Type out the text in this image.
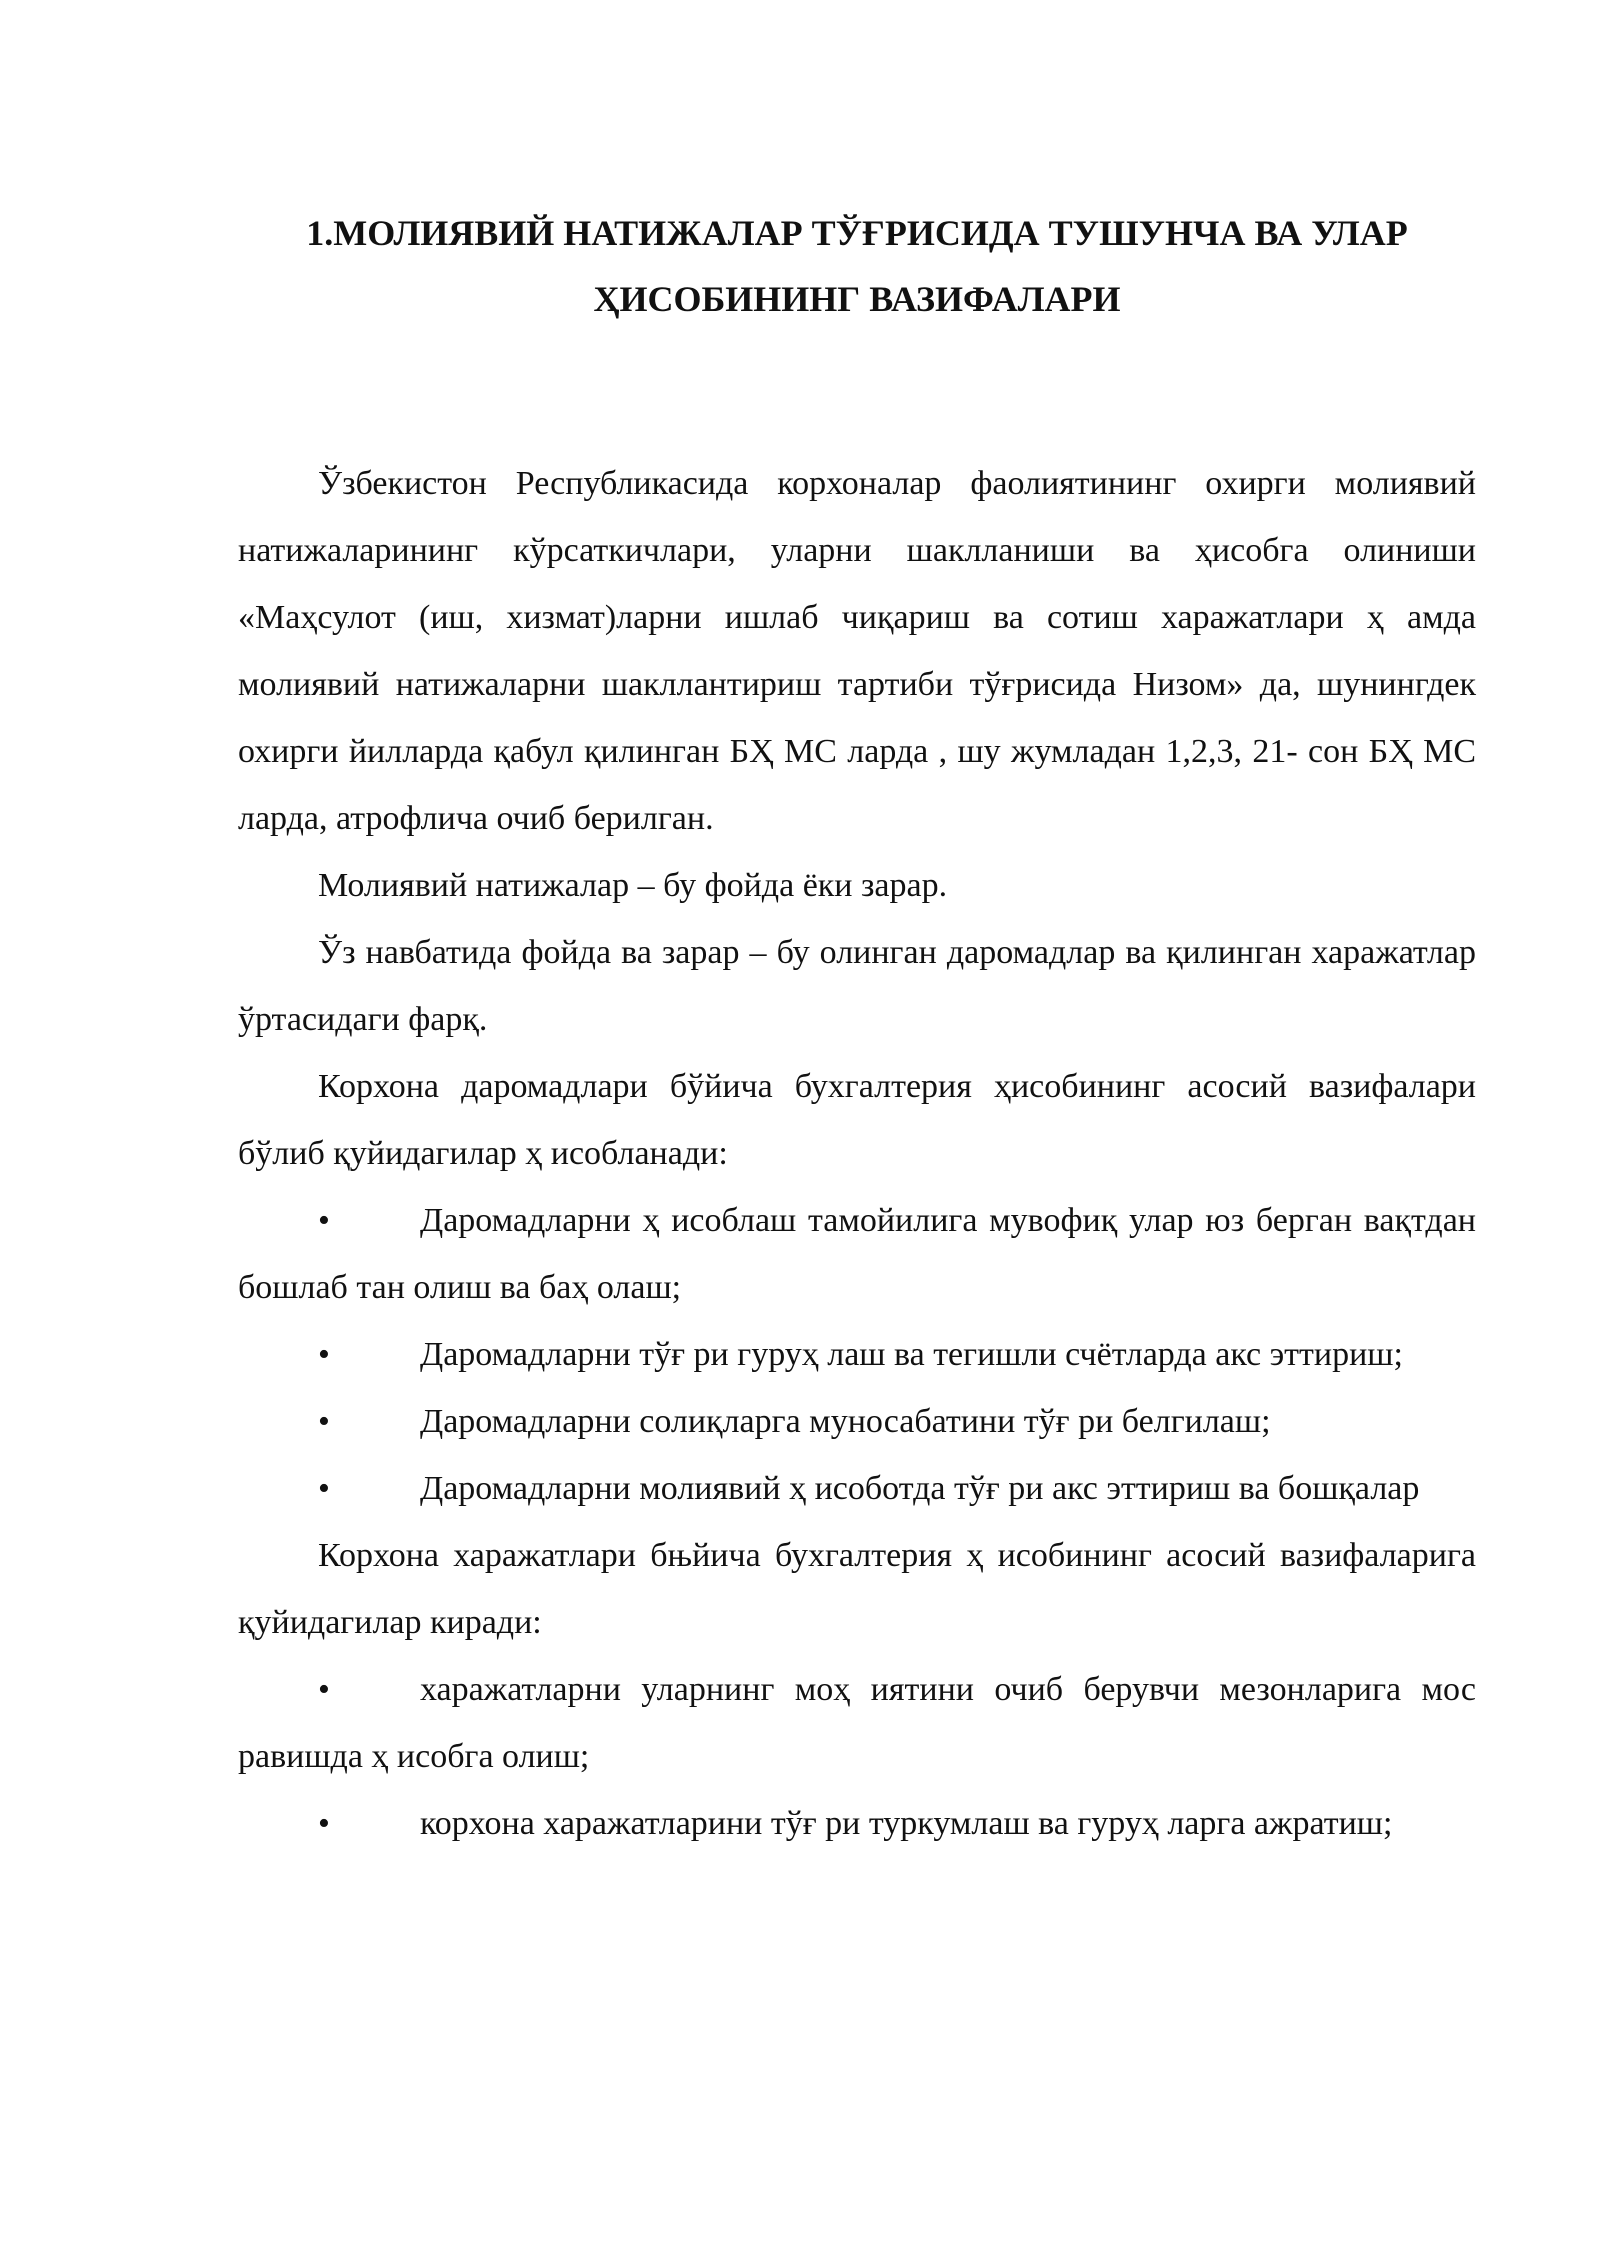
1.МОЛИЯВИЙ НАТИЖАЛАР ТЎҒРИСИДА ТУШУНЧА ВА УЛАР
ҲИСОБИНИНГ ВАЗИФАЛАРИ

Ўзбекистон Республикасида корхоналар фаолиятининг охирги молиявий натижаларининг кўрсаткичлари, уларни шаклланиши ва ҳисобга олиниши «Маҳсулот (иш, хизмат)ларни ишлаб чиқариш ва сотиш харажатлари ҳ амда молиявий натижаларни шакллантириш тартиби тўғрисида Низом» да, шунингдек охирги йилларда қабул қилинган БҲ МС ларда , шу жумладан 1,2,3, 21- сон БҲ МС ларда, атрофлича очиб берилган.

Молиявий натижалар – бу фойда ёки зарар.

Ўз навбатида фойда ва зарар – бу олинган даромадлар ва қилинган харажатлар ўртасидаги фарқ.

Корхона даромадлари бўйича бухгалтерия ҳисобининг асосий вазифалари бўлиб қуйидагилар ҳ исобланади:

•	Даромадларни ҳ исоблаш тамойилига мувофиқ улар юз берган вақтдан бошлаб тан олиш ва баҳ олаш;

•	Даромадларни тўғ ри гуруҳ лаш ва тегишли счётларда акс эттириш;

•	Даромадларни солиқларга муносабатини тўғ ри белгилаш;

•	Даромадларни молиявий ҳ исоботда тўғ ри акс эттириш ва бошқалар

Корхона харажатлари бњйича бухгалтерия ҳ исобининг асосий вазифаларига қуйидагилар киради:

•	харажатларни уларнинг моҳ иятини очиб берувчи мезонларига мос равишда ҳ исобга олиш;

•	корхона харажатларини тўғ ри туркумлаш ва гуруҳ ларга ажратиш;
